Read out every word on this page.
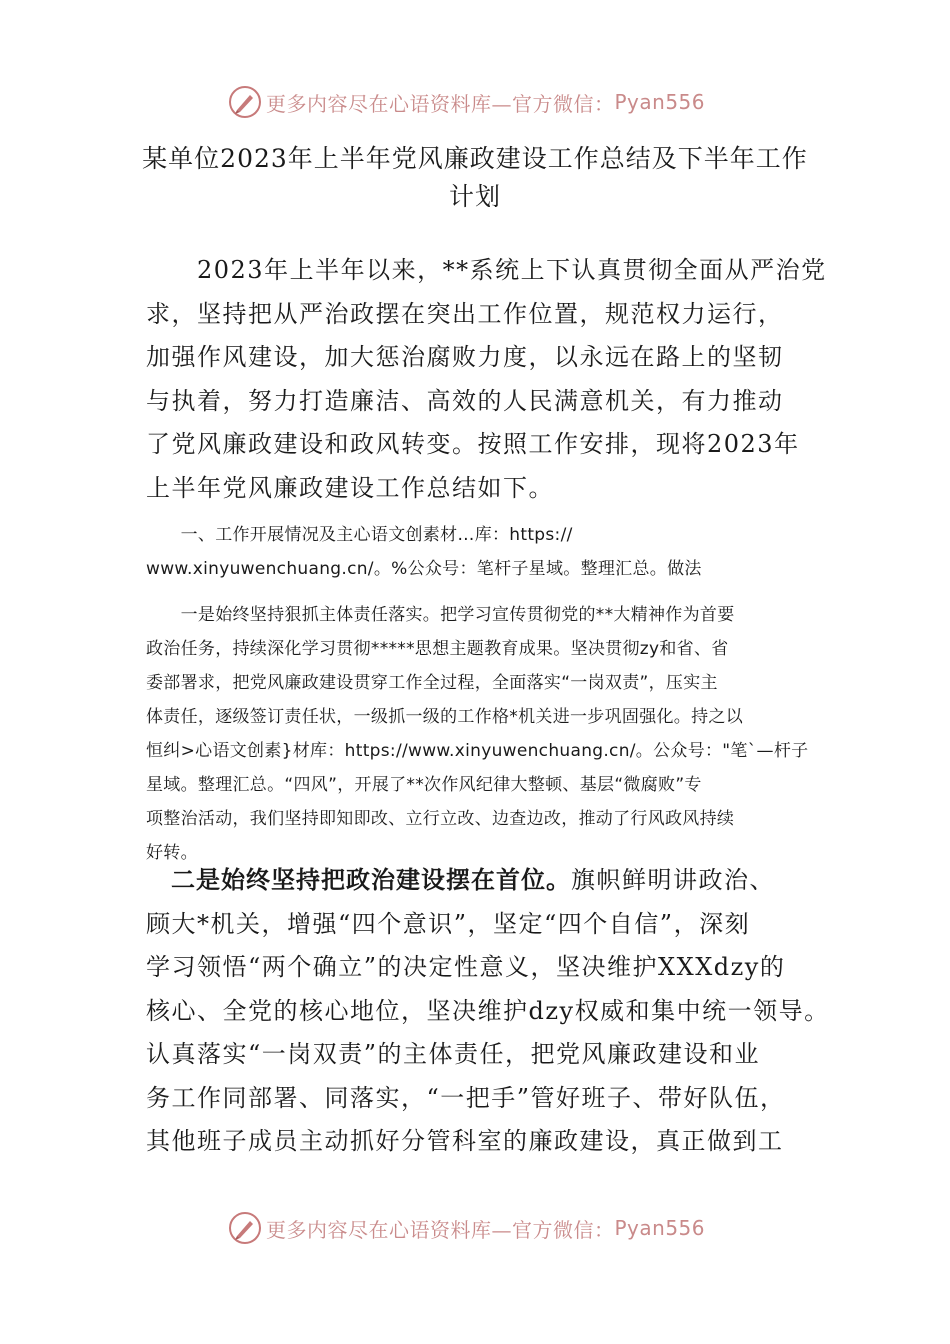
更多内容尽在心语资料库—官方微信： Pyan556
某单位2023年上半年党风廉政建设工作总结及下半年工作
计划
　　2023年上半年以来，**系统上下认真贯彻全面从严治党
求，坚持把从严治政摆在突出工作位置，规范权力运行，
加强作风建设，加大惩治腐败力度，以永远在路上的坚韧
与执着，努力打造廉洁、高效的人民满意机关，有力推动
了党风廉政建设和政风转变。按照工作安排，现将2023年
上半年党风廉政建设工作总结如下。
　　一、工作开展情况及主心语文创素材…库：https://
www.xinyuwenchuang.cn/。%公众号：笔杆子星域。整理汇总。做法
　　一是始终坚持狠抓主体责任落实。把学习宣传贯彻党的**大精神作为首要
政治任务，持续深化学习贯彻*****思想主题教育成果。坚决贯彻zy和省、省
委部署求，把党风廉政建设贯穿工作全过程，全面落实“一岗双责”，压实主
体责任，逐级签订责任状，一级抓一级的工作格*机关进一步巩固强化。持之以
恒纠>心语文创素}材库：https://www.xinyuwenchuang.cn/。公众号："笔`—杆子
星域。整理汇总。“四风”，开展了**次作风纪律大整顿、基层“微腐败”专
项整治活动，我们坚持即知即改、立行立改、边查边改，推动了行风政风持续
好转。
　二是始终坚持把政治建设摆在首位。旗帜鲜明讲政治、
顾大*机关，增强“四个意识”，坚定“四个自信”，深刻
学习领悟“两个确立”的决定性意义，坚决维护XXXdzy的
核心、全党的核心地位，坚决维护dzy权威和集中统一领导。
认真落实“一岗双责”的主体责任，把党风廉政建设和业
务工作同部署、同落实，“一把手”管好班子、带好队伍，
其他班子成员主动抓好分管科室的廉政建设，真正做到工
更多内容尽在心语资料库—官方微信： Pyan556
